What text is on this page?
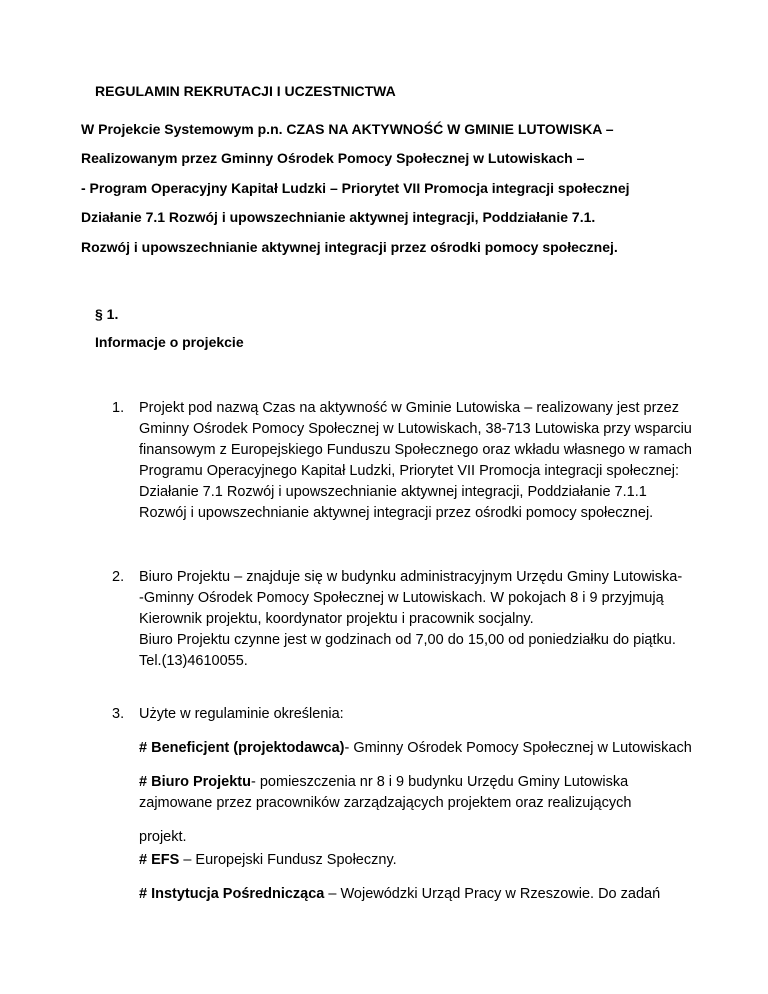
REGULAMIN REKRUTACJI I UCZESTNICTWA
W Projekcie Systemowym p.n. CZAS NA AKTYWNOŚĆ W GMINIE LUTOWISKA –
Realizowanym przez Gminny Ośrodek Pomocy Społecznej w Lutowiskach –
- Program Operacyjny Kapitał Ludzki – Priorytet VII Promocja integracji społecznej
Działanie 7.1 Rozwój i upowszechnianie aktywnej integracji, Poddziałanie 7.1.
Rozwój i upowszechnianie aktywnej integracji przez ośrodki pomocy społecznej.
§ 1.
Informacje o projekcie
1. Projekt pod nazwą Czas na aktywność w Gminie Lutowiska – realizowany jest przez
Gminny Ośrodek Pomocy Społecznej w Lutowiskach, 38-713 Lutowiska przy wsparciu
finansowym z Europejskiego Funduszu Społecznego oraz wkładu własnego w ramach
Programu Operacyjnego Kapitał Ludzki, Priorytet VII Promocja integracji społecznej:
Działanie 7.1 Rozwój i upowszechnianie aktywnej integracji, Poddziałanie 7.1.1
Rozwój i upowszechnianie aktywnej integracji przez ośrodki pomocy społecznej.
2. Biuro Projektu – znajduje się w budynku administracyjnym Urzędu Gminy Lutowiska-
-Gminny Ośrodek Pomocy Społecznej w Lutowiskach. W pokojach 8 i 9 przyjmują
Kierownik projektu, koordynator projektu i pracownik socjalny.
Biuro Projektu czynne jest w godzinach od 7,00 do 15,00 od poniedziałku do piątku.
Tel.(13)4610055.
3. Użyte w regulaminie określenia:
# Beneficjent (projektodawca)- Gminny Ośrodek Pomocy Społecznej w Lutowiskach
# Biuro Projektu- pomieszczenia nr 8 i 9 budynku Urzędu Gminy Lutowiska
zajmowane przez pracowników zarządzających projektem oraz realizujących
projekt.
# EFS – Europejski Fundusz Społeczny.
# Instytucja Pośrednicząca – Wojewódzki Urząd Pracy w Rzeszowie. Do zadań
